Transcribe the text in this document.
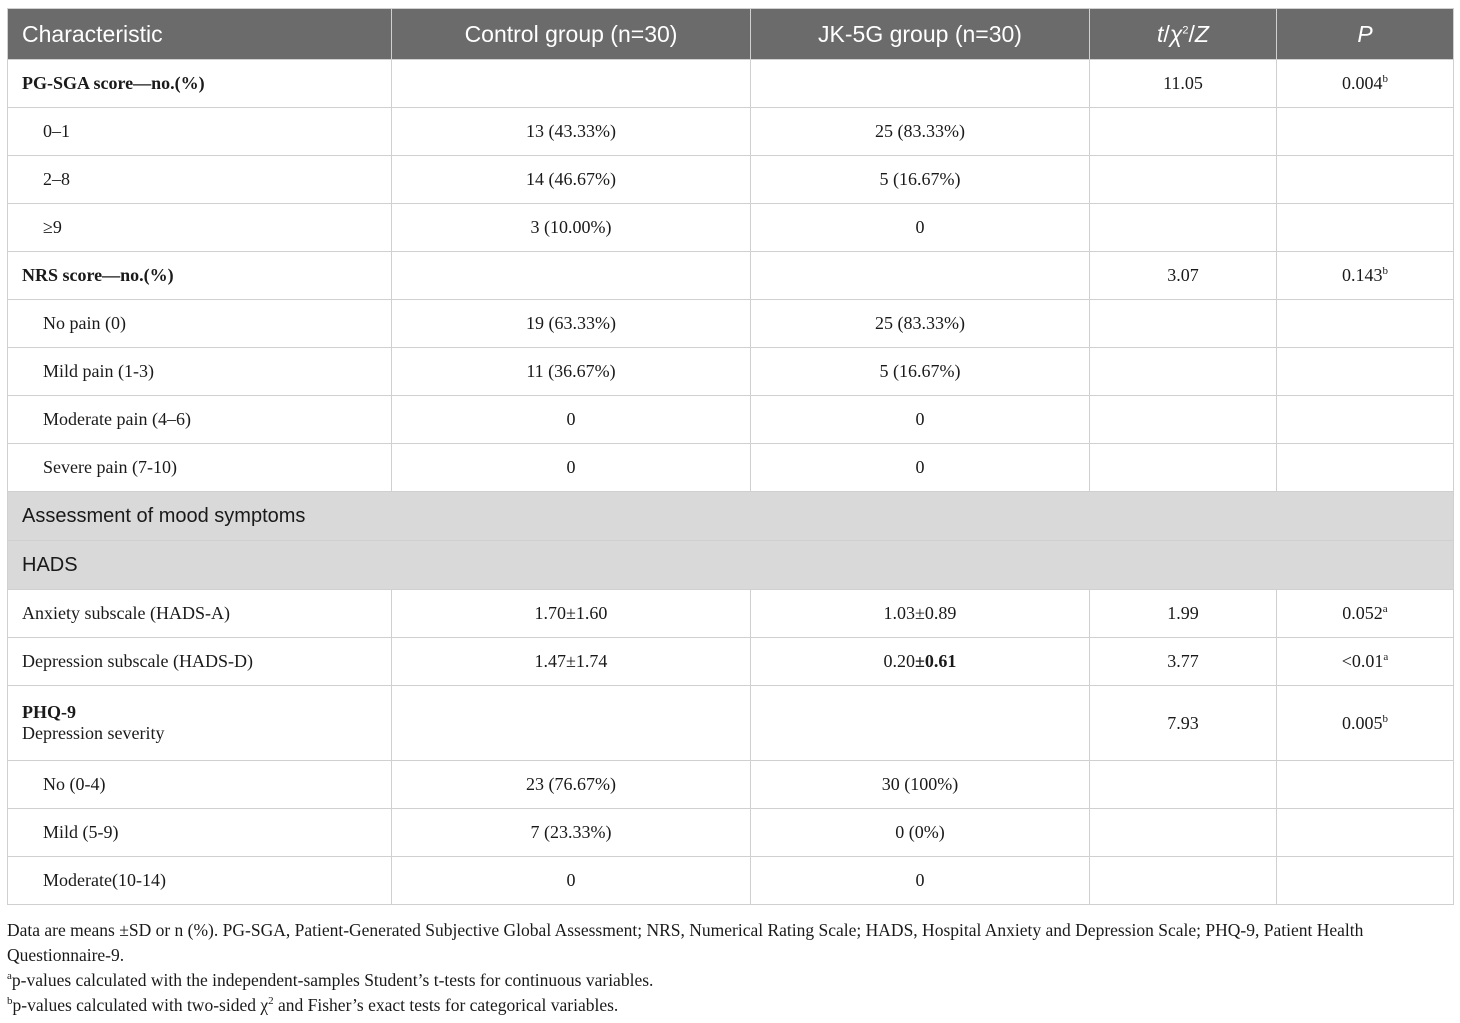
Characteristic	Control group (n=30)	JK-5G group (n=30)	$t/\chi^2/Z$	P
PG-SGA score—no.(%)			11.05	0.004$^b$
0–1	13 (43.33%)	25 (83.33%)		
2–8	14 (46.67%)	5 (16.67%)		
≥9	3 (10.00%)	0		
NRS score—no.(%)			3.07	0.143$^b$
No pain (0)	19 (63.33%)	25 (83.33%)		
Mild pain (1-3)	11 (36.67%)	5 (16.67%)		
Moderate pain (4–6)	0	0		
Severe pain (7-10)	0	0		
Assessment of mood symptoms				
HADS				
Anxiety subscale (HADS-A)	1.70±1.60	1.03±0.89	1.99	0.052$^a$
Depression subscale (HADS-D)	1.47±1.74	0.20±0.61	3.77	<0.01$^a$
PHQ-9
Depression severity			7.93	0.005$^b$
No (0-4)	23 (76.67%)	30 (100%)		
Mild (5-9)	7 (23.33%)	0 (0%)		
Moderate(10-14)	0	0		

Data are means ±SD or n (%). PG-SGA, Patient-Generated Subjective Global Assessment; NRS, Numerical Rating Scale; HADS, Hospital Anxiety and Depression Scale; PHQ-9, Patient Health Questionnaire-9.

$^a$p-values calculated with the independent-samples Student’s t-tests for continuous variables.

$^b$p-values calculated with two-sided $\chi^2$ and Fisher’s exact tests for categorical variables.
